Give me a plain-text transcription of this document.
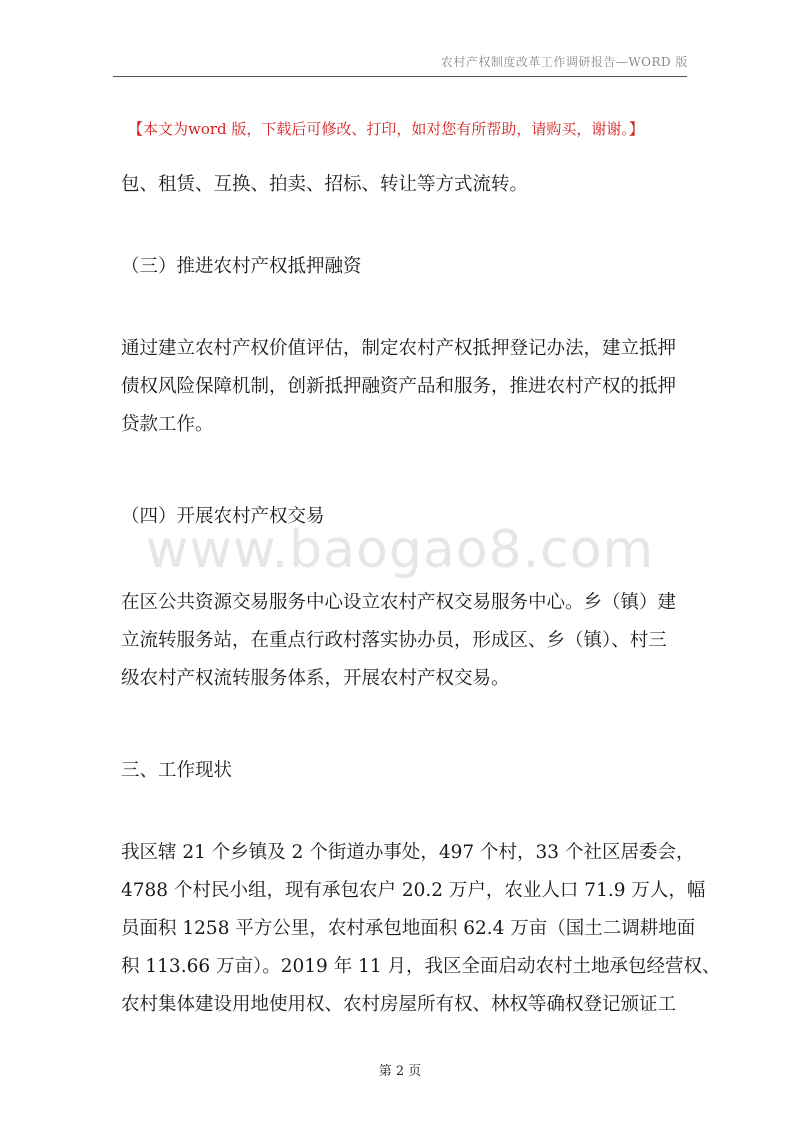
农村产权制度改革工作调研报告—WORD 版
【本文为word 版，下载后可修改、打印，如对您有所帮助，请购买，谢谢。】

包、租赁、互换、拍卖、招标、转让等方式流转。

（三）推进农村产权抵押融资

通过建立农村产权价值评估，制定农村产权抵押登记办法，建立抵押
债权风险保障机制，创新抵押融资产品和服务，推进农村产权的抵押
贷款工作。

（四）开展农村产权交易

www.baogao8.com

在区公共资源交易服务中心设立农村产权交易服务中心。乡（镇）建
立流转服务站，在重点行政村落实协办员，形成区、乡（镇）、村三
级农村产权流转服务体系，开展农村产权交易。

三、工作现状

我区辖 21 个乡镇及 2 个街道办事处，497 个村，33 个社区居委会，
4788 个村民小组，现有承包农户 20.2 万户，农业人口 71.9 万人，幅
员面积 1258 平方公里，农村承包地面积 62.4 万亩（国土二调耕地面
积 113.66 万亩）。2019 年 11 月，我区全面启动农村土地承包经营权、
农村集体建设用地使用权、农村房屋所有权、林权等确权登记颁证工

第 2 页
